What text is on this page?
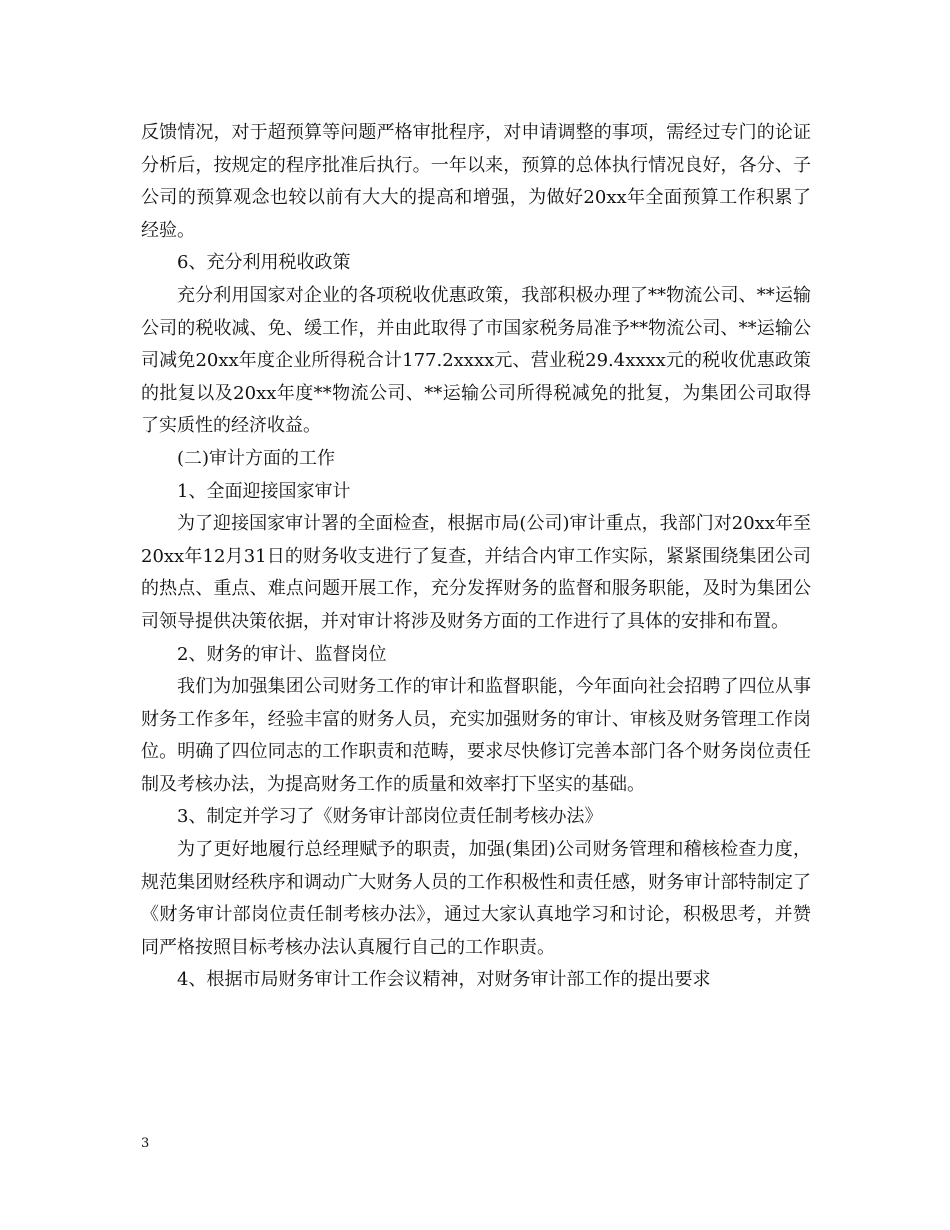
反馈情况，对于超预算等问题严格审批程序，对申请调整的事项，需经过专门的论证分析后，按规定的程序批准后执行。一年以来，预算的总体执行情况良好，各分、子公司的预算观念也较以前有大大的提高和增强，为做好20xx年全面预算工作积累了经验。

6、充分利用税收政策

充分利用国家对企业的各项税收优惠政策，我部积极办理了**物流公司、**运输公司的税收减、免、缓工作，并由此取得了市国家税务局准予**物流公司、**运输公司减免20xx年度企业所得税合计177.2xxxx元、营业税29.4xxxx元的税收优惠政策的批复以及20xx年度**物流公司、**运输公司所得税减免的批复，为集团公司取得了实质性的经济收益。

(二)审计方面的工作

1、全面迎接国家审计

为了迎接国家审计署的全面检查，根据市局(公司)审计重点，我部门对20xx年至20xx年12月31日的财务收支进行了复查，并结合内审工作实际，紧紧围绕集团公司的热点、重点、难点问题开展工作，充分发挥财务的监督和服务职能，及时为集团公司领导提供决策依据，并对审计将涉及财务方面的工作进行了具体的安排和布置。

2、财务的审计、监督岗位

我们为加强集团公司财务工作的审计和监督职能，今年面向社会招聘了四位从事财务工作多年，经验丰富的财务人员，充实加强财务的审计、审核及财务管理工作岗位。明确了四位同志的工作职责和范畴，要求尽快修订完善本部门各个财务岗位责任制及考核办法，为提高财务工作的质量和效率打下坚实的基础。

3、制定并学习了《财务审计部岗位责任制考核办法》

为了更好地履行总经理赋予的职责，加强(集团)公司财务管理和稽核检查力度，规范集团财经秩序和调动广大财务人员的工作积极性和责任感，财务审计部特制定了《财务审计部岗位责任制考核办法》，通过大家认真地学习和讨论，积极思考，并赞同严格按照目标考核办法认真履行自己的工作职责。

4、根据市局财务审计工作会议精神，对财务审计部工作的提出要求

3
